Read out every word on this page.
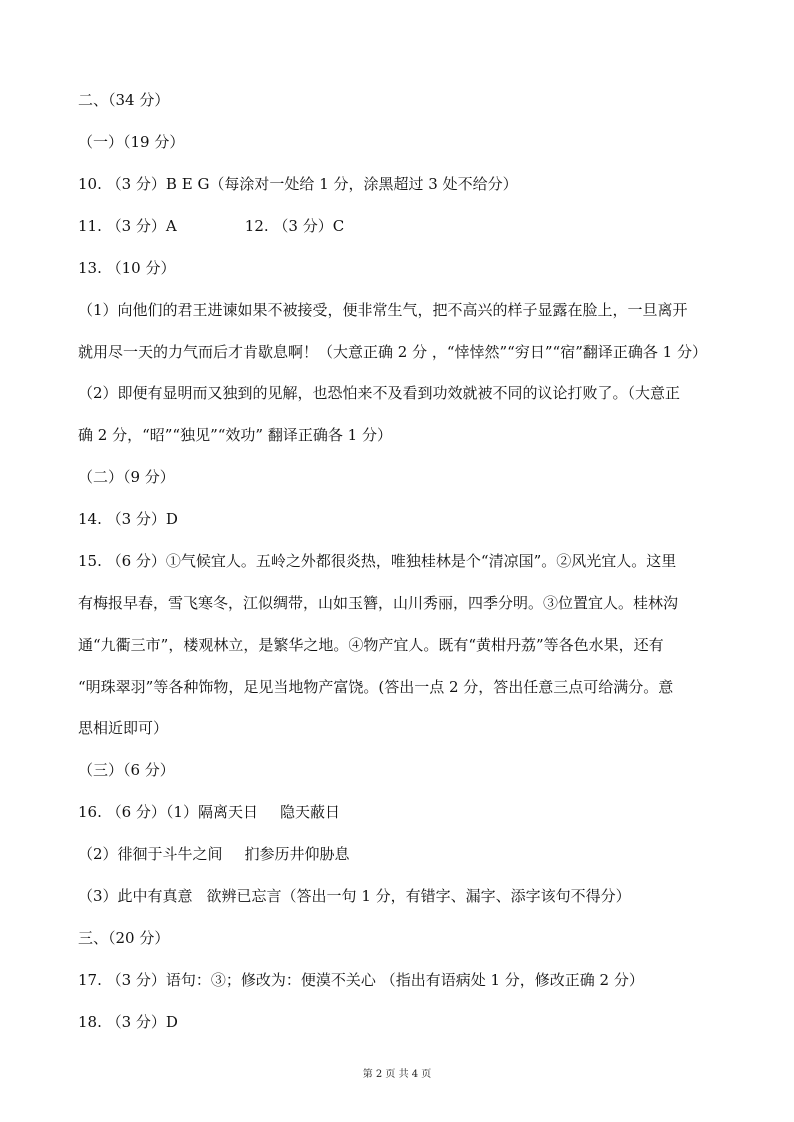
二、（34 分）
（一）（19 分）
10. （3 分）B E G（每涂对一处给 1 分，涂黑超过 3 处不给分）
11. （3 分）A	12. （3 分）C
13. （10 分）
（1）向他们的君王进谏如果不被接受，便非常生气，把不高兴的样子显露在脸上，一旦离开
就用尽一天的力气而后才肯歇息啊！（大意正确 2 分 ，“悻悻然”“穷日”“宿”翻译正确各 1 分）
（2）即便有显明而又独到的见解，也恐怕来不及看到功效就被不同的议论打败了。（大意正
确 2 分，“昭”“独见”“效功” 翻译正确各 1 分）
（二）（9 分）
14. （3 分）D
15. （6 分）①气候宜人。五岭之外都很炎热，唯独桂林是个“清凉国”。②风光宜人。这里
有梅报早春，雪飞寒冬，江似绸带，山如玉簪，山川秀丽，四季分明。③位置宜人。桂林沟
通“九衢三市”，楼观林立，是繁华之地。④物产宜人。既有“黄柑丹荔”等各色水果，还有
“明珠翠羽”等各种饰物，足见当地物产富饶。(答出一点 2 分，答出任意三点可给满分。意
思相近即可）
（三）（6 分）
16. （6 分）（1）隔离天日 隐天蔽日
（2）徘徊于斗牛之间 扪参历井仰胁息
（3）此中有真意 欲辨已忘言（答出一句 1 分，有错字、漏字、添字该句不得分）
三、（20 分）
17. （3 分）语句：③；修改为：便漠不关心 （指出有语病处 1 分，修改正确 2 分）
18. （3 分）D
第 2 页 共 4 页
